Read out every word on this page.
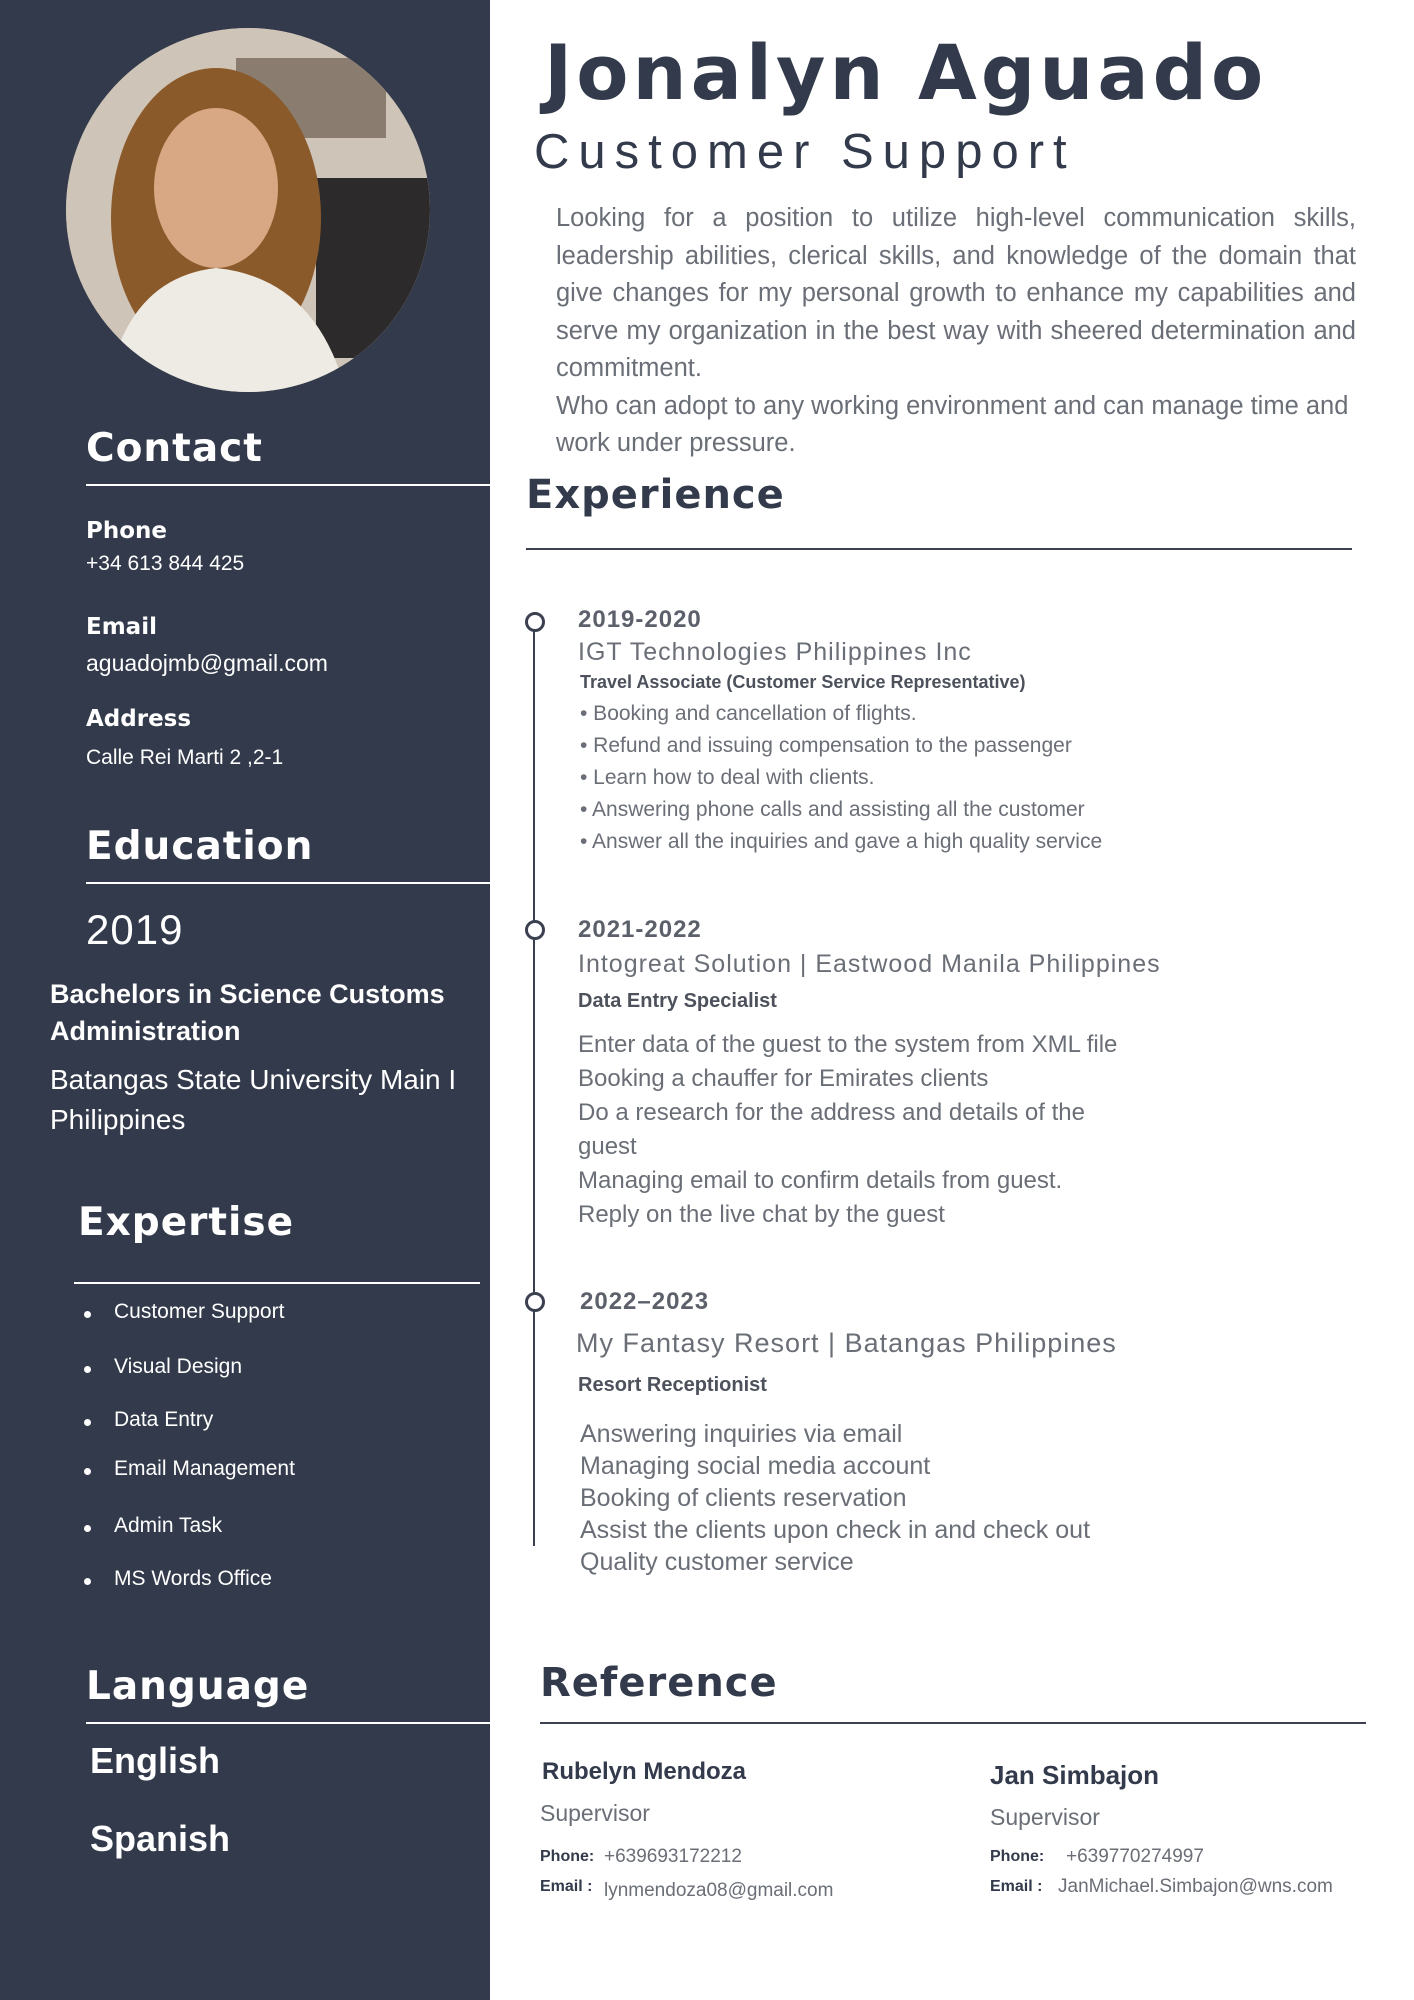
Contact
Phone
+34 613 844 425
Email
aguadojmb@gmail.com
Address
Calle Rei Marti 2 ,2-1
Education
2019
Bachelors in Science Customs Administration
Batangas State University Main I Philippines
Expertise
Customer Support
Visual Design
Data Entry
Email Management
Admin Task
MS Words Office
Language
English
Spanish
Jonalyn Aguado
Customer Support

Looking for a position to utilize high-level communication skills, leadership abilities, clerical skills, and knowledge of the domain that give changes for my personal growth to enhance my capabilities and serve my organization in the best way with sheered determination and commitment.

Who can adopt to any working environment and can manage time and work under pressure.

Experience
2019-2020
IGT Technologies Philippines Inc
Travel Associate (Customer Service Representative)
• Booking and cancellation of flights.
• Refund and issuing compensation to the passenger
• Learn how to deal with clients.
• Answering phone calls and assisting all the customer
• Answer all the inquiries and gave a high quality service
2021-2022
Intogreat Solution | Eastwood Manila Philippines
Data Entry Specialist
Enter data of the guest to the system from XML file
Booking a chauffer for Emirates clients
Do a research for the address and details of the
guest
Managing email to confirm details from guest.
Reply on the live chat by the guest
2022–2023
My Fantasy Resort | Batangas Philippines
Resort Receptionist
Answering inquiries via email
Managing social media account
Booking of clients reservation
Assist the clients upon check in and check out
Quality customer service
Reference
Rubelyn Mendoza
Supervisor
Phone: +639693172212
Email : lynmendoza08@gmail.com
Jan Simbajon
Supervisor
Phone: +639770274997
Email : JanMichael.Simbajon@wns.com
